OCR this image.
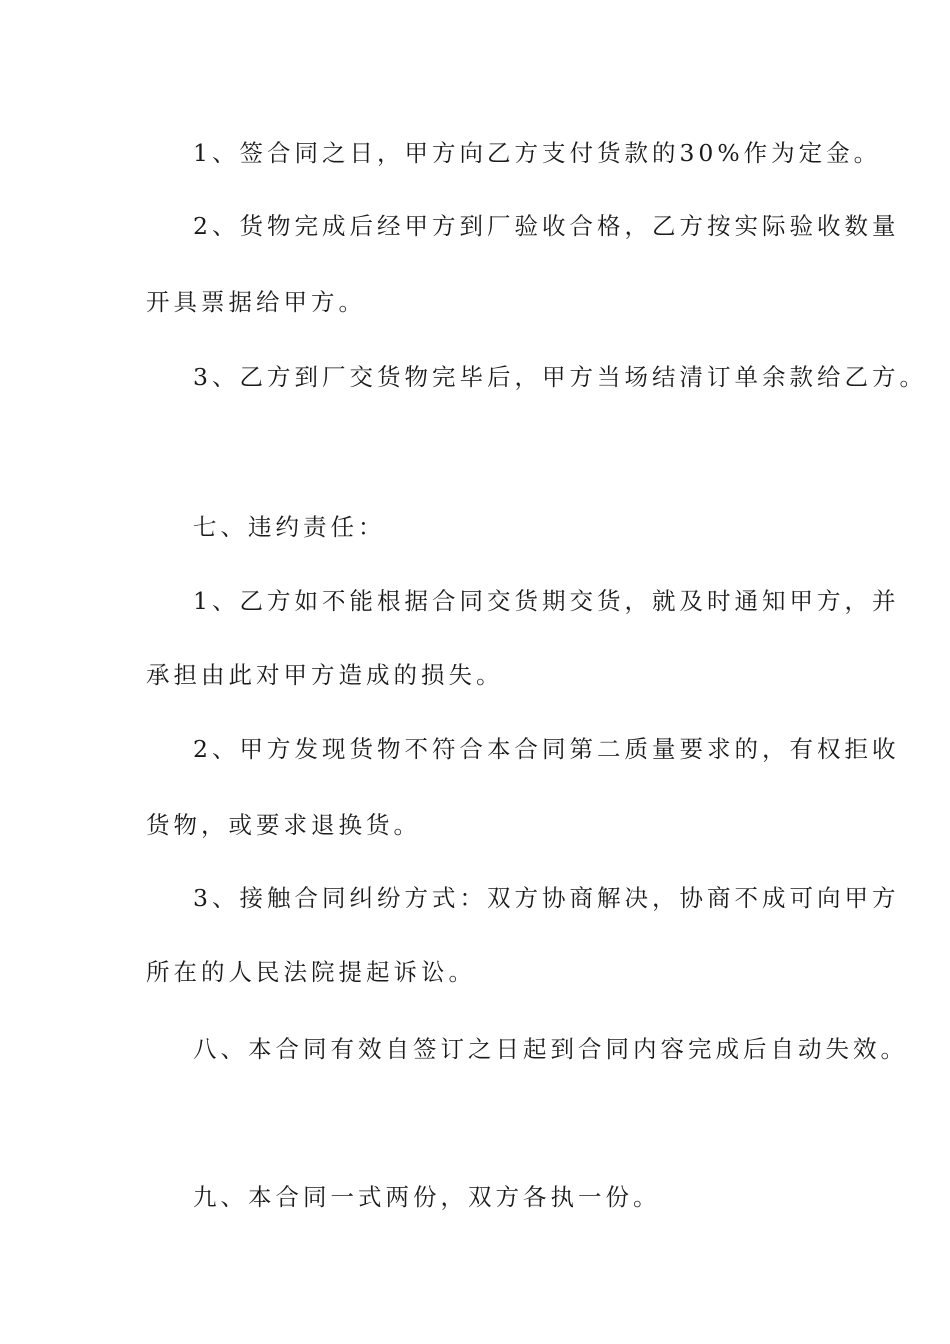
1、签合同之日，甲方向乙方支付货款的30%作为定金。
2、货物完成后经甲方到厂验收合格，乙方按实际验收数量
开具票据给甲方。
3、乙方到厂交货物完毕后，甲方当场结清订单余款给乙方。
七、违约责任：
1、乙方如不能根据合同交货期交货，就及时通知甲方，并
承担由此对甲方造成的损失。
2、甲方发现货物不符合本合同第二质量要求的，有权拒收
货物，或要求退换货。
3、接触合同纠纷方式：双方协商解决，协商不成可向甲方
所在的人民法院提起诉讼。
八、本合同有效自签订之日起到合同内容完成后自动失效。
九、本合同一式两份，双方各执一份。
